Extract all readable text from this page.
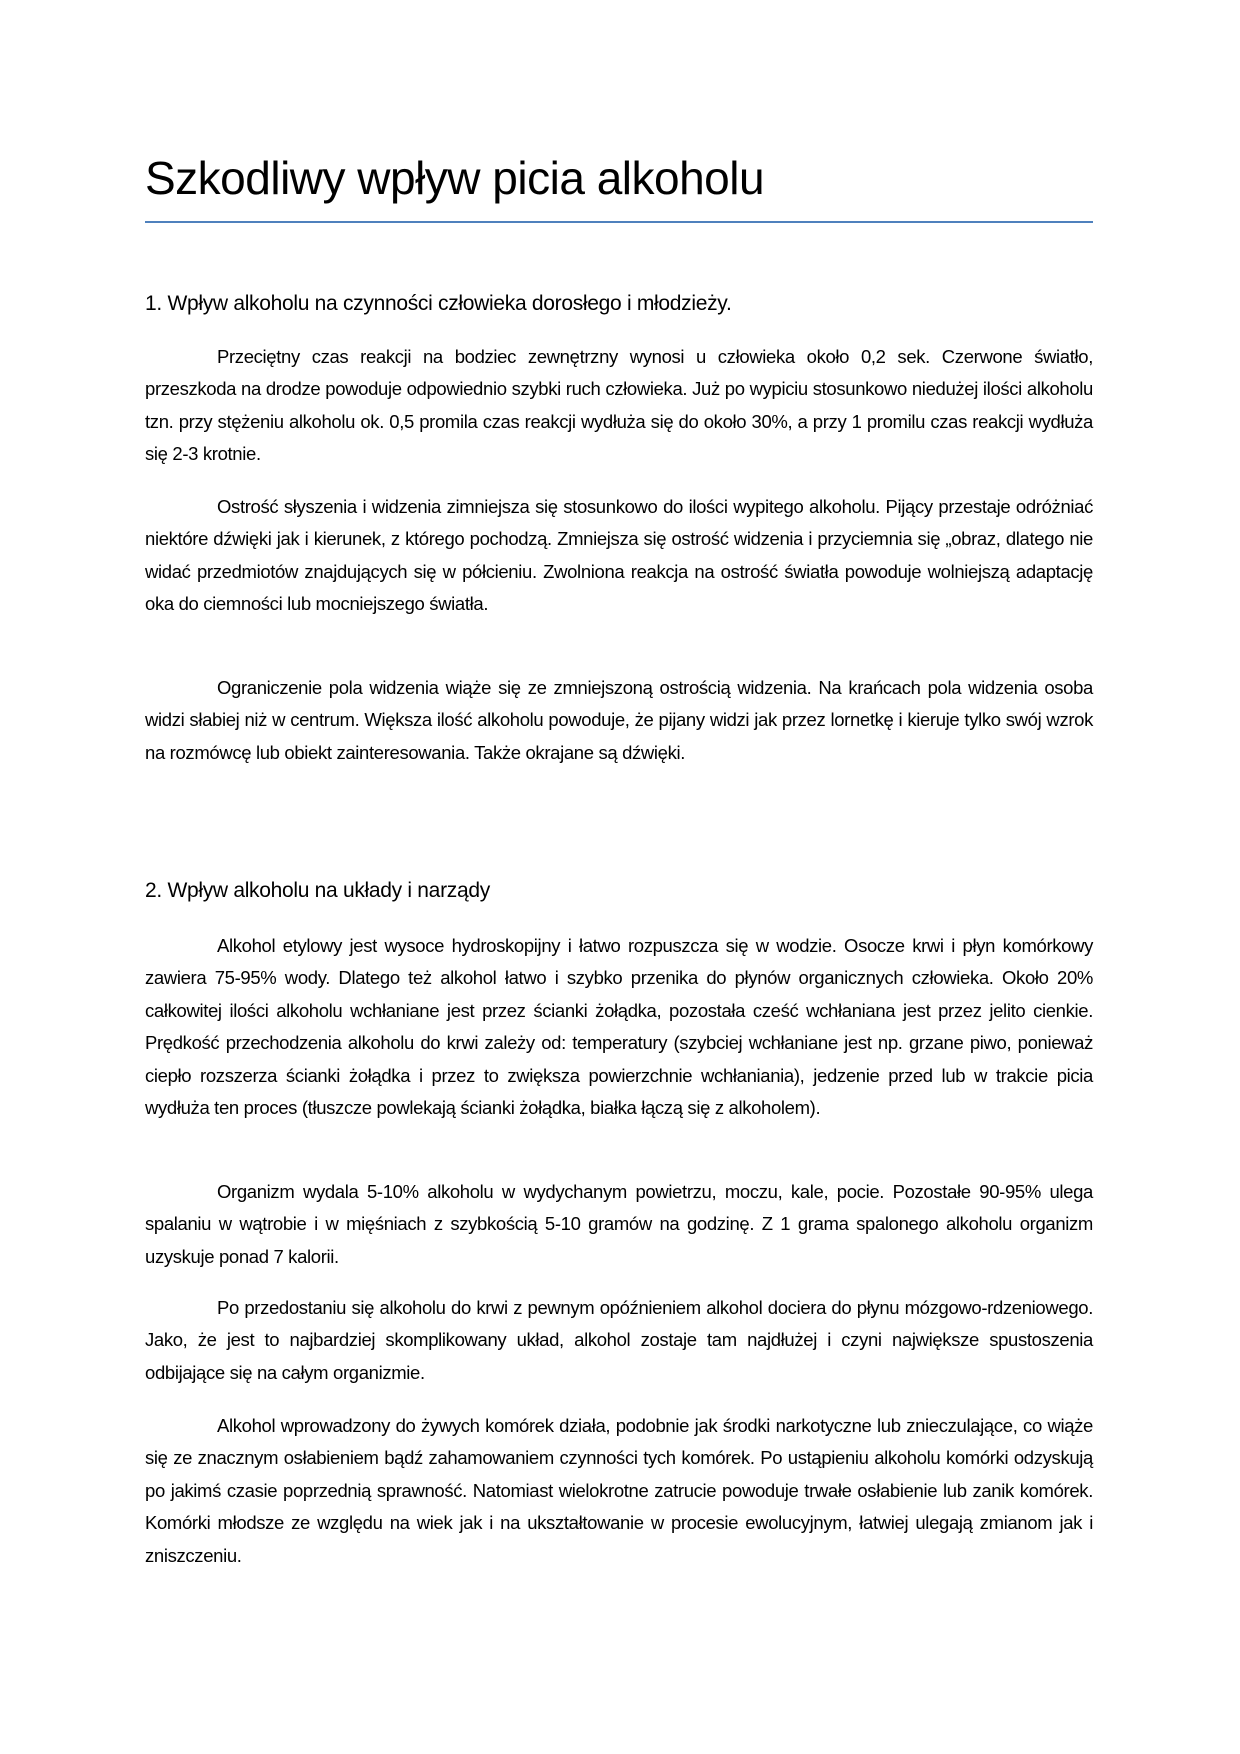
Szkodliwy wpływ picia alkoholu
1. Wpływ alkoholu na czynności człowieka dorosłego i młodzieży.

Przeciętny czas reakcji na bodziec zewnętrzny wynosi u człowieka około 0,2 sek. Czerwone światło, przeszkoda na drodze powoduje odpowiednio szybki ruch człowieka. Już po wypiciu stosunkowo niedużej ilości alkoholu tzn. przy stężeniu alkoholu ok. 0,5 promila czas reakcji wydłuża się do około 30%, a przy 1 promilu czas reakcji wydłuża się 2-3 krotnie.

Ostrość słyszenia i widzenia zimniejsza się stosunkowo do ilości wypitego alkoholu. Pijący przestaje odróżniać niektóre dźwięki jak i kierunek, z którego pochodzą. Zmniejsza się ostrość widzenia i przyciemnia się „obraz, dlatego nie widać przedmiotów znajdujących się w półcieniu. Zwolniona reakcja na ostrość światła powoduje wolniejszą adaptację oka do ciemności lub mocniejszego światła.

Ograniczenie pola widzenia wiąże się ze zmniejszoną ostrością widzenia. Na krańcach pola widzenia osoba widzi słabiej niż w centrum. Większa ilość alkoholu powoduje, że pijany widzi jak przez lornetkę i kieruje tylko swój wzrok na rozmówcę lub obiekt zainteresowania. Także okrajane są dźwięki.

2. Wpływ alkoholu na układy i narządy

Alkohol etylowy jest wysoce hydroskopijny i łatwo rozpuszcza się w wodzie. Osocze krwi i płyn komórkowy zawiera 75-95% wody. Dlatego też alkohol łatwo i szybko przenika do płynów organicznych człowieka. Około 20% całkowitej ilości alkoholu wchłaniane jest przez ścianki żołądka, pozostała cześć wchłaniana jest przez jelito cienkie. Prędkość przechodzenia alkoholu do krwi zależy od: temperatury (szybciej wchłaniane jest np. grzane piwo, ponieważ ciepło rozszerza ścianki żołądka i przez to zwiększa powierzchnie wchłaniania), jedzenie przed lub w trakcie picia wydłuża ten proces (tłuszcze powlekają ścianki żołądka, białka łączą się z alkoholem).

Organizm wydala 5-10% alkoholu w wydychanym powietrzu, moczu, kale, pocie. Pozostałe 90-95% ulega spalaniu w wątrobie i w mięśniach z szybkością 5-10 gramów na godzinę. Z 1 grama spalonego alkoholu organizm uzyskuje ponad 7 kalorii.

Po przedostaniu się alkoholu do krwi z pewnym opóźnieniem alkohol dociera do płynu mózgowo-rdzeniowego. Jako, że jest to najbardziej skomplikowany układ, alkohol zostaje tam najdłużej i czyni największe spustoszenia odbijające się na całym organizmie.

Alkohol wprowadzony do żywych komórek działa, podobnie jak środki narkotyczne lub znieczulające, co wiąże się ze znacznym osłabieniem bądź zahamowaniem czynności tych komórek. Po ustąpieniu alkoholu komórki odzyskują po jakimś czasie poprzednią sprawność. Natomiast wielokrotne zatrucie powoduje trwałe osłabienie lub zanik komórek. Komórki młodsze ze względu na wiek jak i na ukształtowanie w procesie ewolucyjnym, łatwiej ulegają zmianom jak i zniszczeniu.
